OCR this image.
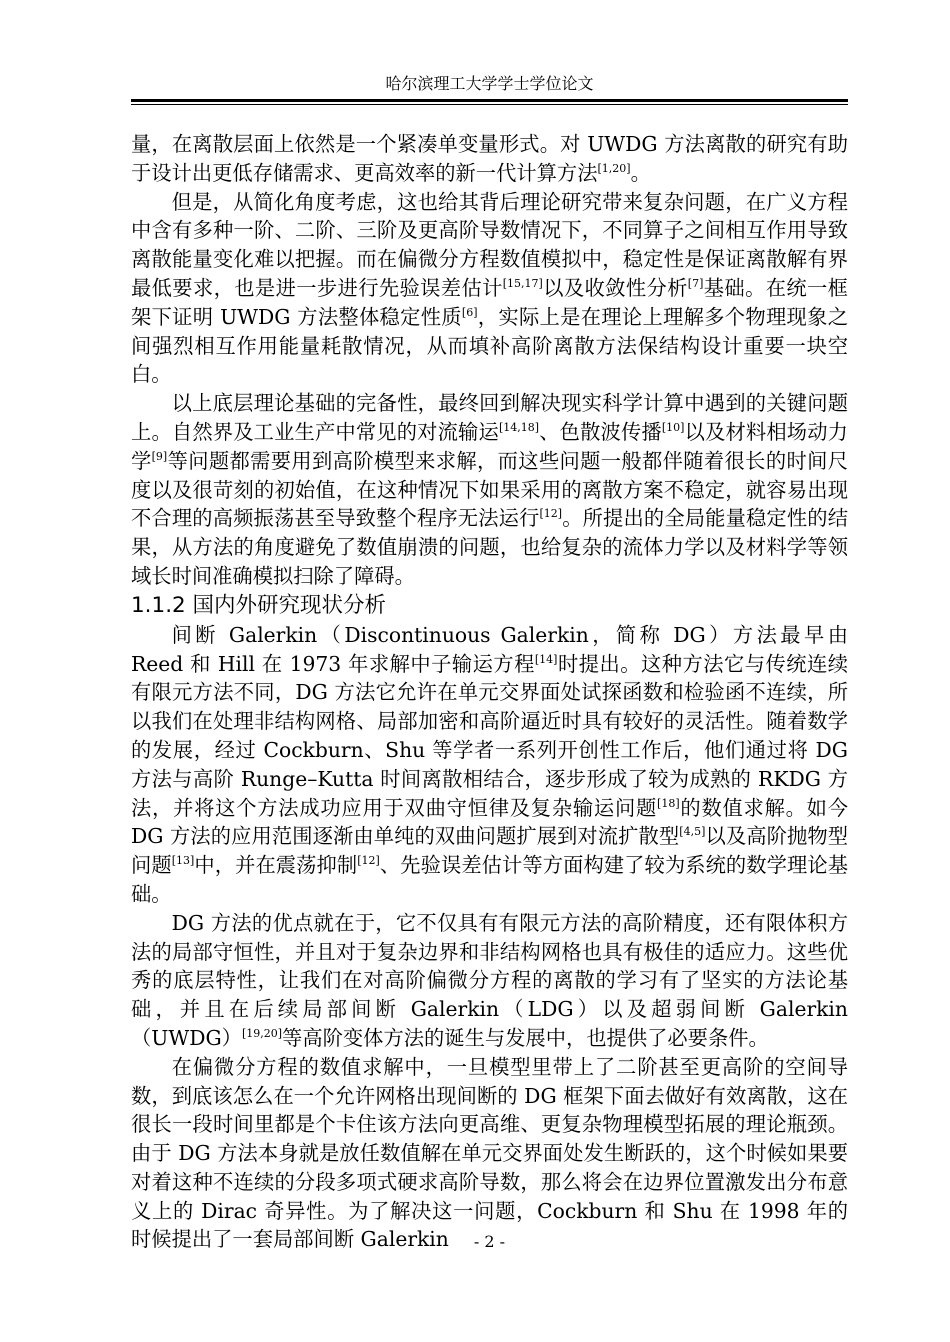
哈尔滨理工大学学士学位论文

量，在离散层面上依然是一个紧凑单变量形式。对 UWDG 方法离散的研究有助于设计出更低存储需求、更高效率的新一代计算方法[1,20]。

但是，从简化角度考虑，这也给其背后理论研究带来复杂问题，在广义方程中含有多种一阶、二阶、三阶及更高阶导数情况下，不同算子之间相互作用导致离散能量变化难以把握。而在偏微分方程数值模拟中，稳定性是保证离散解有界最低要求，也是进一步进行先验误差估计[15,17]以及收敛性分析[7]基础。在统一框架下证明 UWDG 方法整体稳定性质[6]，实际上是在理论上理解多个物理现象之间强烈相互作用能量耗散情况，从而填补高阶离散方法保结构设计重要一块空白。

以上底层理论基础的完备性，最终回到解决现实科学计算中遇到的关键问题上。自然界及工业生产中常见的对流输运[14,18]、色散波传播[10]以及材料相场动力学[9]等问题都需要用到高阶模型来求解，而这些问题一般都伴随着很长的时间尺度以及很苛刻的初始值，在这种情况下如果采用的离散方案不稳定，就容易出现不合理的高频振荡甚至导致整个程序无法运行[12]。所提出的全局能量稳定性的结果，从方法的角度避免了数值崩溃的问题，也给复杂的流体力学以及材料学等领域长时间准确模拟扫除了障碍。

1.1.2 国内外研究现状分析

间断 Galerkin（Discontinuous Galerkin，简称 DG）方法最早由 Reed 和 Hill 在 1973 年求解中子输运方程[14]时提出。这种方法它与传统连续有限元方法不同，DG 方法它允许在单元交界面处试探函数和检验函不连续，所以我们在处理非结构网格、局部加密和高阶逼近时具有较好的灵活性。随着数学的发展，经过 Cockburn、Shu 等学者一系列开创性工作后，他们通过将 DG 方法与高阶 Runge–Kutta 时间离散相结合，逐步形成了较为成熟的 RKDG 方法，并将这个方法成功应用于双曲守恒律及复杂输运问题[18]的数值求解。如今 DG 方法的应用范围逐渐由单纯的双曲问题扩展到对流扩散型[4,5]以及高阶抛物型问题[13]中，并在震荡抑制[12]、先验误差估计等方面构建了较为系统的数学理论基础。

DG 方法的优点就在于，它不仅具有有限元方法的高阶精度，还有限体积方法的局部守恒性，并且对于复杂边界和非结构网格也具有极佳的适应力。这些优秀的底层特性，让我们在对高阶偏微分方程的离散的学习有了坚实的方法论基础，并且在后续局部间断 Galerkin（LDG）以及超弱间断 Galerkin（UWDG）[19,20]等高阶变体方法的诞生与发展中，也提供了必要条件。

在偏微分方程的数值求解中，一旦模型里带上了二阶甚至更高阶的空间导数，到底该怎么在一个允许网格出现间断的 DG 框架下面去做好有效离散，这在很长一段时间里都是个卡住该方法向更高维、更复杂物理模型拓展的理论瓶颈。由于 DG 方法本身就是放任数值解在单元交界面处发生断跃的，这个时候如果要对着这种不连续的分段多项式硬求高阶导数，那么将会在边界位置激发出分布意义上的 Dirac 奇异性。为了解决这一问题，Cockburn 和 Shu 在 1998 年的时候提出了一套局部间断 Galerkin	- 2 -
